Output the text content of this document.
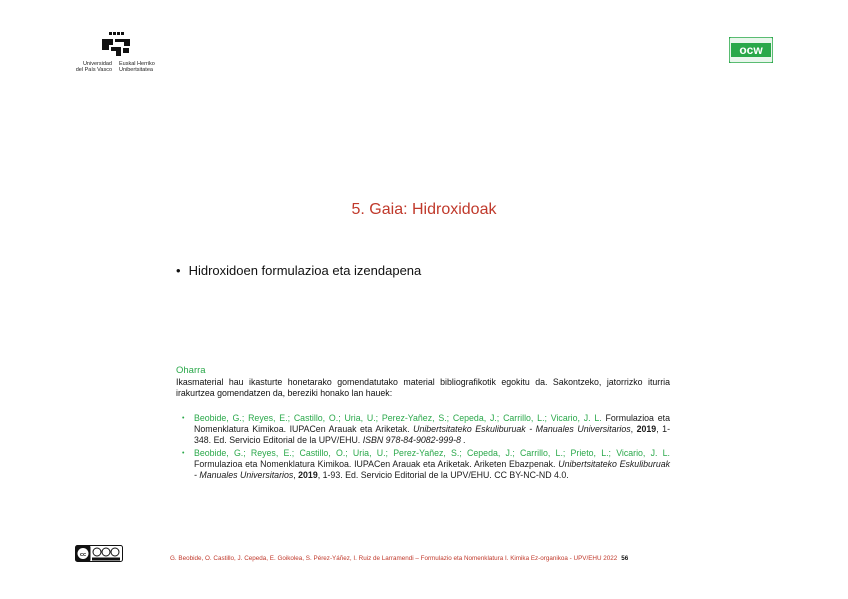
Universidad
del País Vasco
Euskal Herriko
Unibertsitatea
ocw
5. Gaia: Hidroxidoak
• Hidroxidoen formulazioa eta izendapena
Oharra
Ikasmaterial hau ikasturte honetarako gomendatutako material bibliografikotik egokitu da. Sakontzeko, jatorrizko iturria irakurtzea gomendatzen da, bereziki honako lan hauek:
• Beobide, G.; Reyes, E.; Castillo, O.; Uria, U.; Perez-Yañez, S.; Cepeda, J.; Carrillo, L.; Vicario, J. L. Formulazioa eta Nomenklatura Kimikoa. IUPACen Arauak eta Ariketak. Unibertsitateko Eskuliburuak - Manuales Universitarios, 2019, 1-348. Ed. Servicio Editorial de la UPV/EHU. ISBN 978-84-9082-999-8 .
• Beobide, G.; Reyes, E.; Castillo, O.; Uria, U.; Perez-Yañez, S.; Cepeda, J.; Carrillo, L.; Prieto, L.; Vicario, J. L. Formulazioa eta Nomenklatura Kimikoa. IUPACen Arauak eta Ariketak. Ariketen Ebazpenak. Unibertsitateko Eskuliburuak - Manuales Universitarios, 2019, 1-93. Ed. Servicio Editorial de la UPV/EHU. CC BY-NC-ND 4.0.
cc	G. Beobide, O. Castillo, J. Cepeda, E. Goikolea, S. Pérez-Yáñez, I. Ruiz de Larramendi – Formulazio eta Nomenklatura I. Kimika Ez-organikoa - UPV/EHU 2022 56
